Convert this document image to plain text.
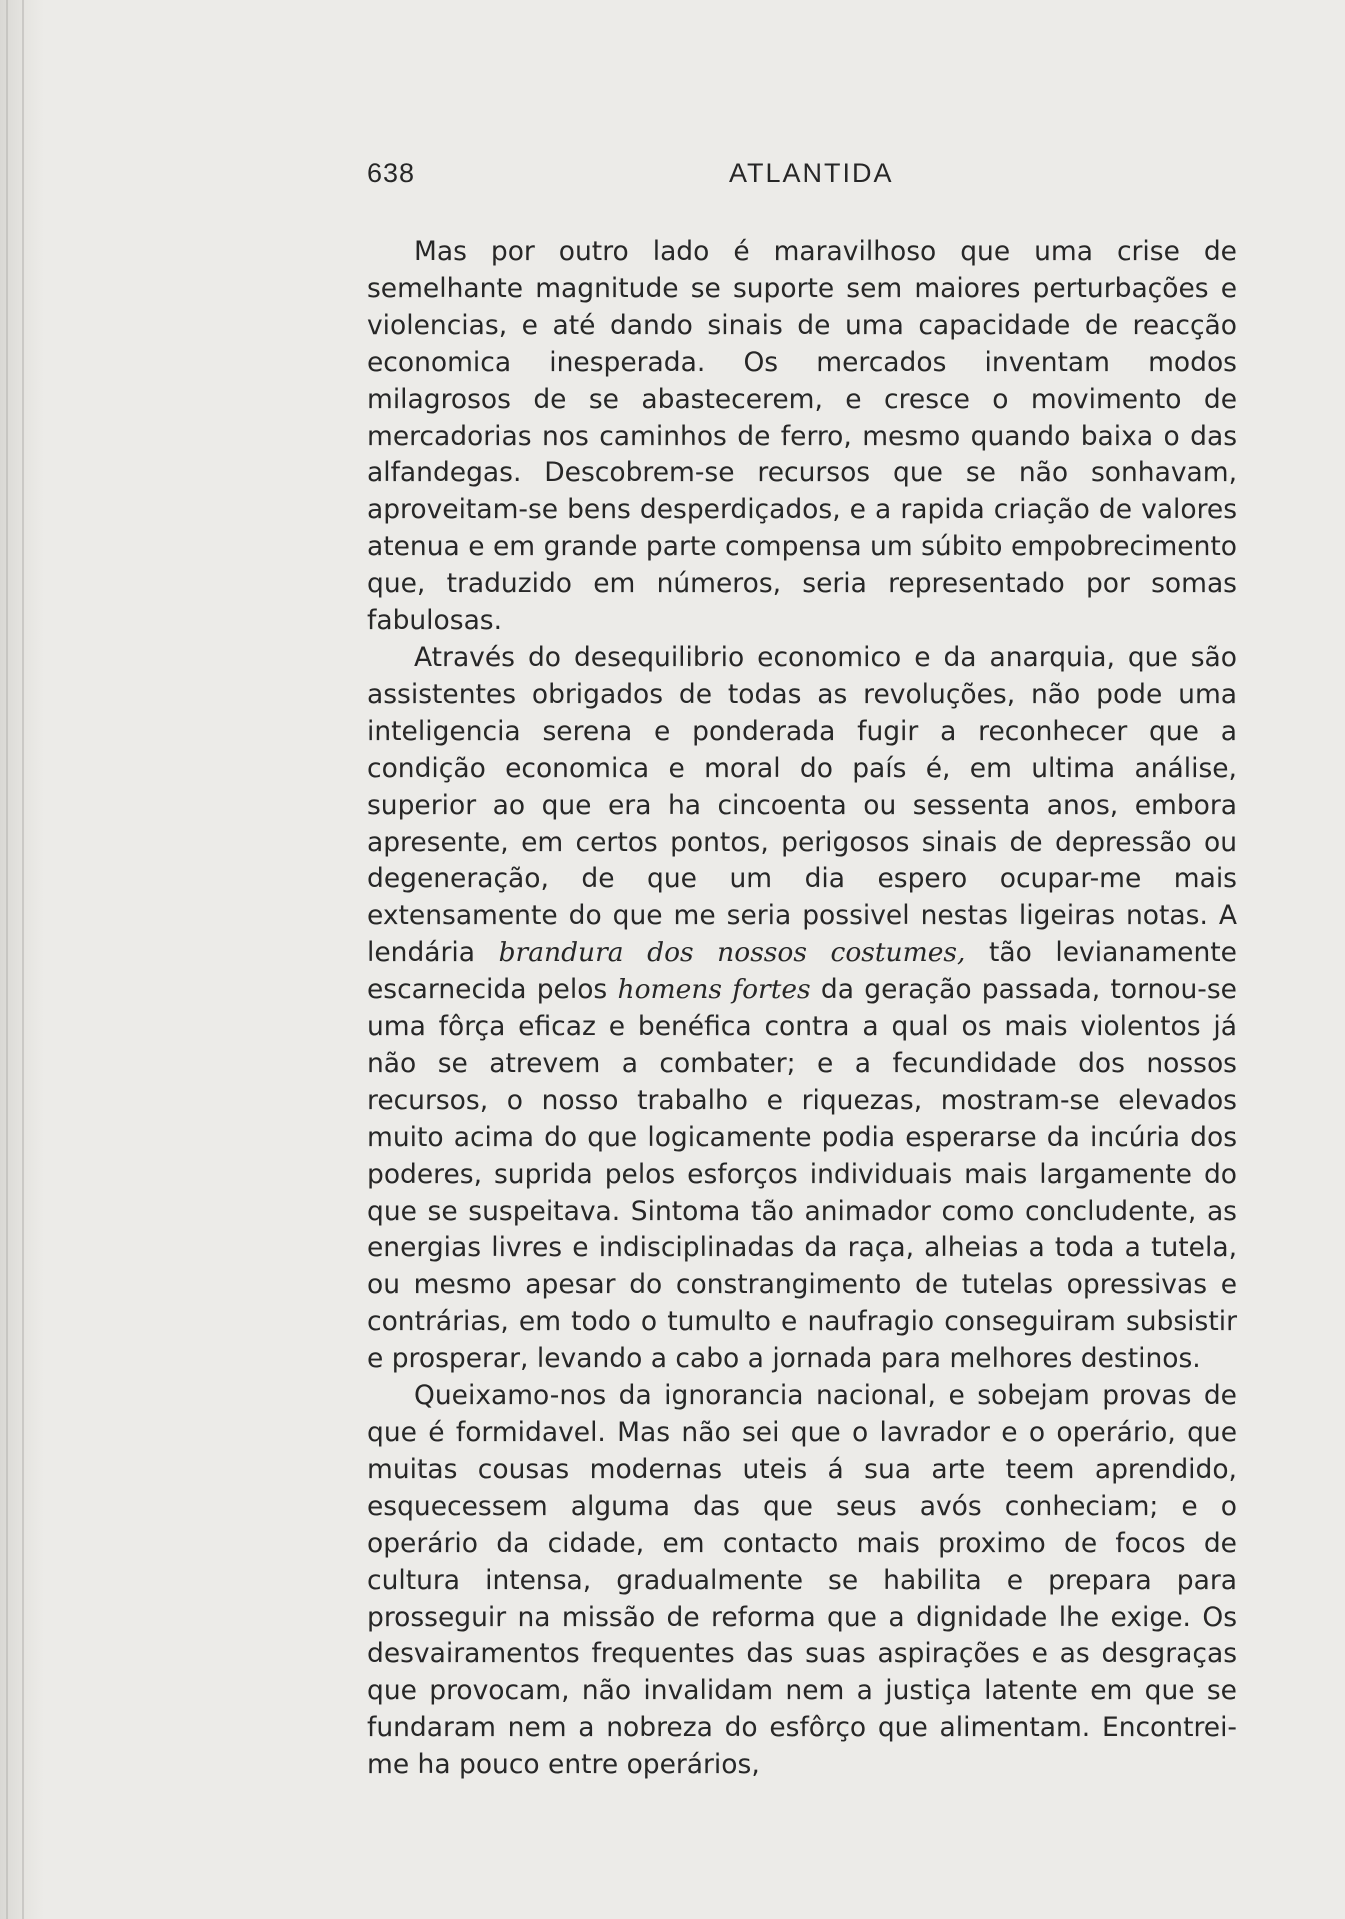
638	ATLANTIDA

Mas por outro lado é maravilhoso que uma crise de semelhante magnitude se suporte sem maiores perturbações e violencias, e até dando sinais de uma capacidade de reacção economica inesperada. Os mercados inventam modos milagrosos de se abastecerem, e cresce o movimento de mercadorias nos caminhos de ferro, mesmo quando baixa o das alfandegas. Descobrem-se recursos que se não sonhavam, aproveitam-se bens desperdiçados, e a rapida criação de valores atenua e em grande parte compensa um súbito empobrecimento que, traduzido em números, seria representado por somas fabulosas.

Através do desequilibrio economico e da anarquia, que são assistentes obrigados de todas as revoluções, não pode uma inteligencia serena e ponderada fugir a reconhecer que a condição economica e moral do país é, em ultima análise, superior ao que era ha cincoenta ou sessenta anos, embora apresente, em certos pontos, perigosos sinais de depressão ou degeneração, de que um dia espero ocupar-me mais extensamente do que me seria possivel nestas ligeiras notas. A lendária brandura dos nossos costumes, tão levianamente escarnecida pelos homens fortes da geração passada, tornou-se uma fôrça eficaz e benéfica contra a qual os mais violentos já não se atrevem a combater; e a fecundidade dos nossos recursos, o nosso trabalho e riquezas, mostram-se elevados muito acima do que logicamente podia esperarse da incúria dos poderes, suprida pelos esforços individuais mais largamente do que se suspeitava. Sintoma tão animador como concludente, as energias livres e indisciplinadas da raça, alheias a toda a tutela, ou mesmo apesar do constrangimento de tutelas opressivas e contrárias, em todo o tumulto e naufragio conseguiram subsistir e prosperar, levando a cabo a jornada para melhores destinos.

Queixamo-nos da ignorancia nacional, e sobejam provas de que é formidavel. Mas não sei que o lavrador e o operário, que muitas cousas modernas uteis á sua arte teem aprendido, esquecessem alguma das que seus avós conheciam; e o operário da cidade, em contacto mais proximo de focos de cultura intensa, gradualmente se habilita e prepara para prosseguir na missão de reforma que a dignidade lhe exige. Os desvairamentos frequentes das suas aspirações e as desgraças que provocam, não invalidam nem a justiça latente em que se fundaram nem a nobreza do esfôrço que alimentam. Encontrei-me ha pouco entre operários,
